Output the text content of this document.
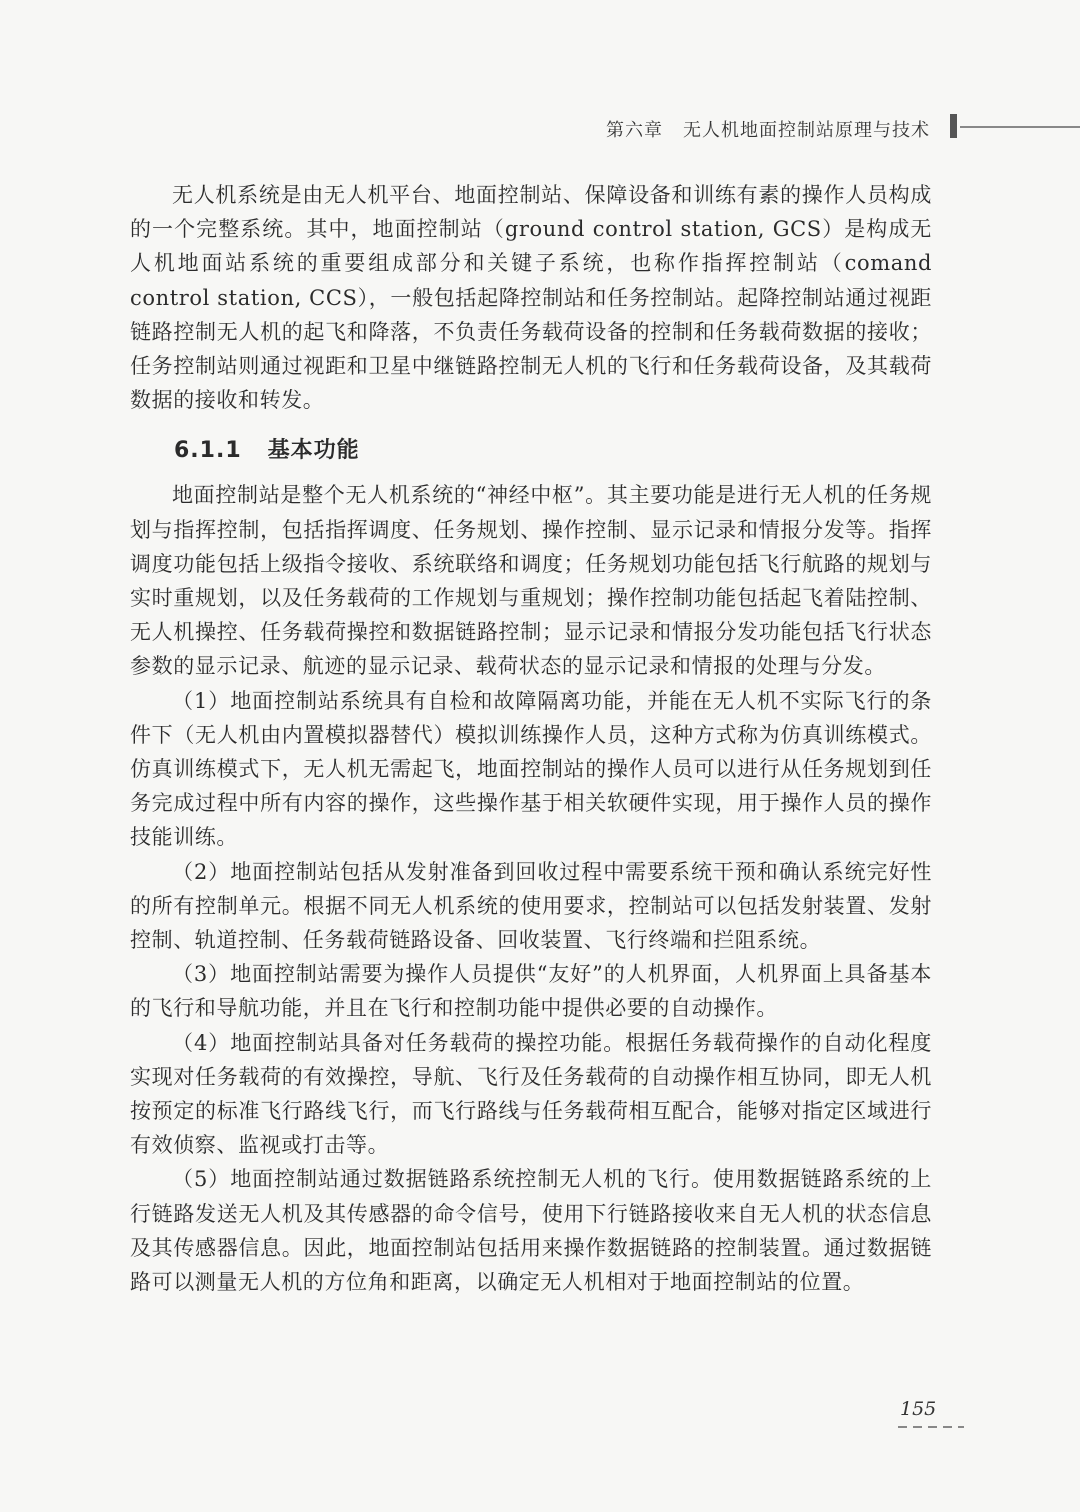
第六章 无人机地面控制站原理与技术

无人机系统是由无人机平台、地面控制站、保障设备和训练有素的操作人员构成的一个完整系统。其中，地面控制站（ground control station, GCS）是构成无人机地面站系统的重要组成部分和关键子系统，也称作指挥控制站（comand control station, CCS），一般包括起降控制站和任务控制站。起降控制站通过视距链路控制无人机的起飞和降落，不负责任务载荷设备的控制和任务载荷数据的接收；任务控制站则通过视距和卫星中继链路控制无人机的飞行和任务载荷设备，及其载荷数据的接收和转发。

6.1.1 基本功能

地面控制站是整个无人机系统的“神经中枢”。其主要功能是进行无人机的任务规划与指挥控制，包括指挥调度、任务规划、操作控制、显示记录和情报分发等。指挥调度功能包括上级指令接收、系统联络和调度；任务规划功能包括飞行航路的规划与实时重规划，以及任务载荷的工作规划与重规划；操作控制功能包括起飞着陆控制、无人机操控、任务载荷操控和数据链路控制；显示记录和情报分发功能包括飞行状态参数的显示记录、航迹的显示记录、载荷状态的显示记录和情报的处理与分发。

（1）地面控制站系统具有自检和故障隔离功能，并能在无人机不实际飞行的条件下（无人机由内置模拟器替代）模拟训练操作人员，这种方式称为仿真训练模式。仿真训练模式下，无人机无需起飞，地面控制站的操作人员可以进行从任务规划到任务完成过程中所有内容的操作，这些操作基于相关软硬件实现，用于操作人员的操作技能训练。

（2）地面控制站包括从发射准备到回收过程中需要系统干预和确认系统完好性的所有控制单元。根据不同无人机系统的使用要求，控制站可以包括发射装置、发射控制、轨道控制、任务载荷链路设备、回收装置、飞行终端和拦阻系统。

（3）地面控制站需要为操作人员提供“友好”的人机界面，人机界面上具备基本的飞行和导航功能，并且在飞行和控制功能中提供必要的自动操作。

（4）地面控制站具备对任务载荷的操控功能。根据任务载荷操作的自动化程度实现对任务载荷的有效操控，导航、飞行及任务载荷的自动操作相互协同，即无人机按预定的标准飞行路线飞行，而飞行路线与任务载荷相互配合，能够对指定区域进行有效侦察、监视或打击等。

（5）地面控制站通过数据链路系统控制无人机的飞行。使用数据链路系统的上行链路发送无人机及其传感器的命令信号，使用下行链路接收来自无人机的状态信息及其传感器信息。因此，地面控制站包括用来操作数据链路的控制装置。通过数据链路可以测量无人机的方位角和距离，以确定无人机相对于地面控制站的位置。

155
